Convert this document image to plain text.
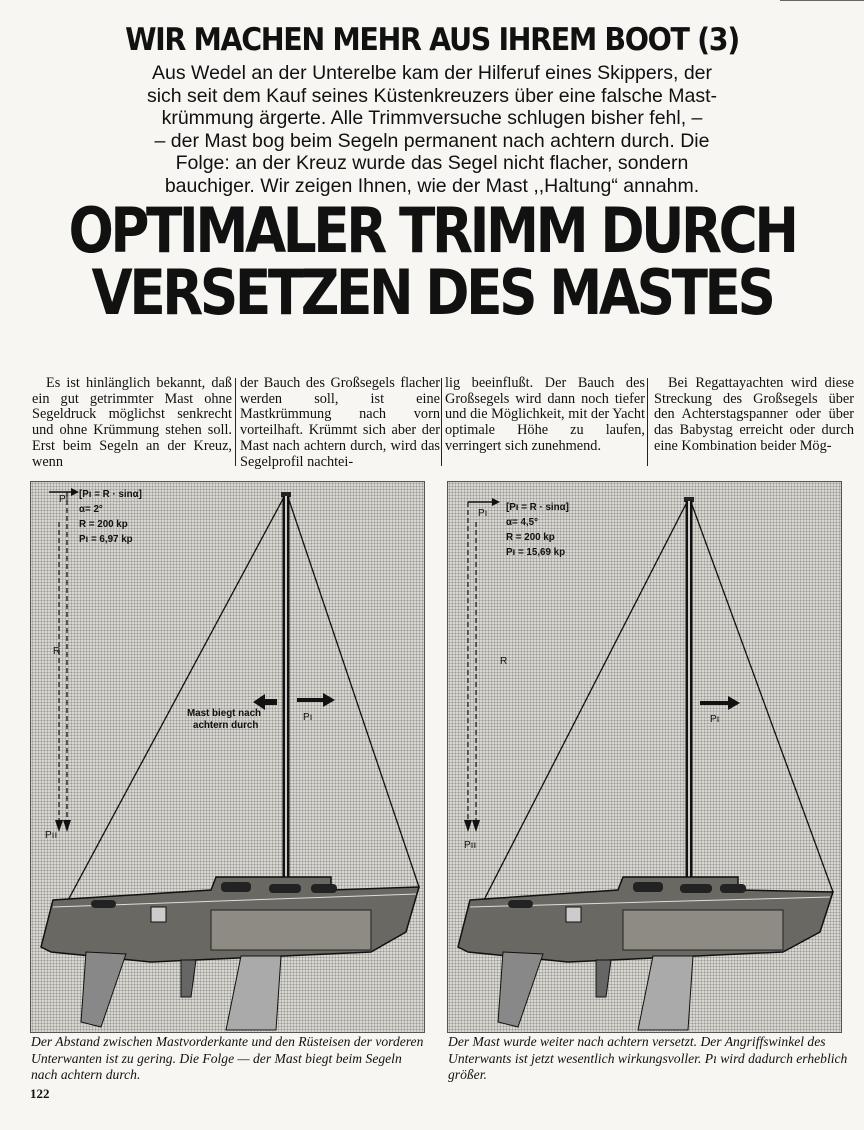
WIR MACHEN MEHR AUS IHREM BOOT (3)
Aus Wedel an der Unterelbe kam der Hilferuf eines Skippers, der
sich seit dem Kauf seines Küstenkreuzers über eine falsche Mast-
krümmung ärgerte. Alle Trimmversuche schlugen bisher fehl, –
– der Mast bog beim Segeln permanent nach achtern durch. Die
Folge: an der Kreuz wurde das Segel nicht flacher, sondern
bauchiger. Wir zeigen Ihnen, wie der Mast ,,Haltung“ annahm.
OPTIMALER TRIMM DURCH
VERSETZEN DES MASTES
Es ist hinlänglich bekannt, daß ein gut getrimmter Mast ohne Segeldruck möglichst senkrecht und ohne Krümmung stehen soll. Erst beim Segeln an der Kreuz, wenn
der Bauch des Großsegels flacher werden soll, ist eine Mastkrümmung nach vorn vorteilhaft. Krümmt sich aber der Mast nach achtern durch, wird das Segelprofil nachtei-
lig beeinflußt. Der Bauch des Großsegels wird dann noch tiefer und die Möglichkeit, mit der Yacht optimale Höhe zu laufen, verringert sich zunehmend.
Bei Regattayachten wird diese Streckung des Großsegels über den Achterstagspanner oder über das Babystag erreicht oder durch eine Kombination beider Mög-
Pı
R
Pıı
[Pı = R · sinα]
α= 2°
R = 200 kp
Pı = 6,97 kp
Pı
Mast biegt nach
achtern durch
Pı
R
Pıı
[Pı = R · sinα]
α= 4,5°
R = 200 kp
Pı = 15,69 kp
Pı
Der Abstand zwischen Mastvorderkante und den Rüsteisen der vorderen Unterwanten ist zu gering. Die Folge — der Mast biegt beim Segeln nach achtern durch.
Der Mast wurde weiter nach achtern versetzt. Der Angriffswinkel des Unterwants ist jetzt wesentlich wirkungsvoller. Pı wird dadurch erheblich größer.
122
